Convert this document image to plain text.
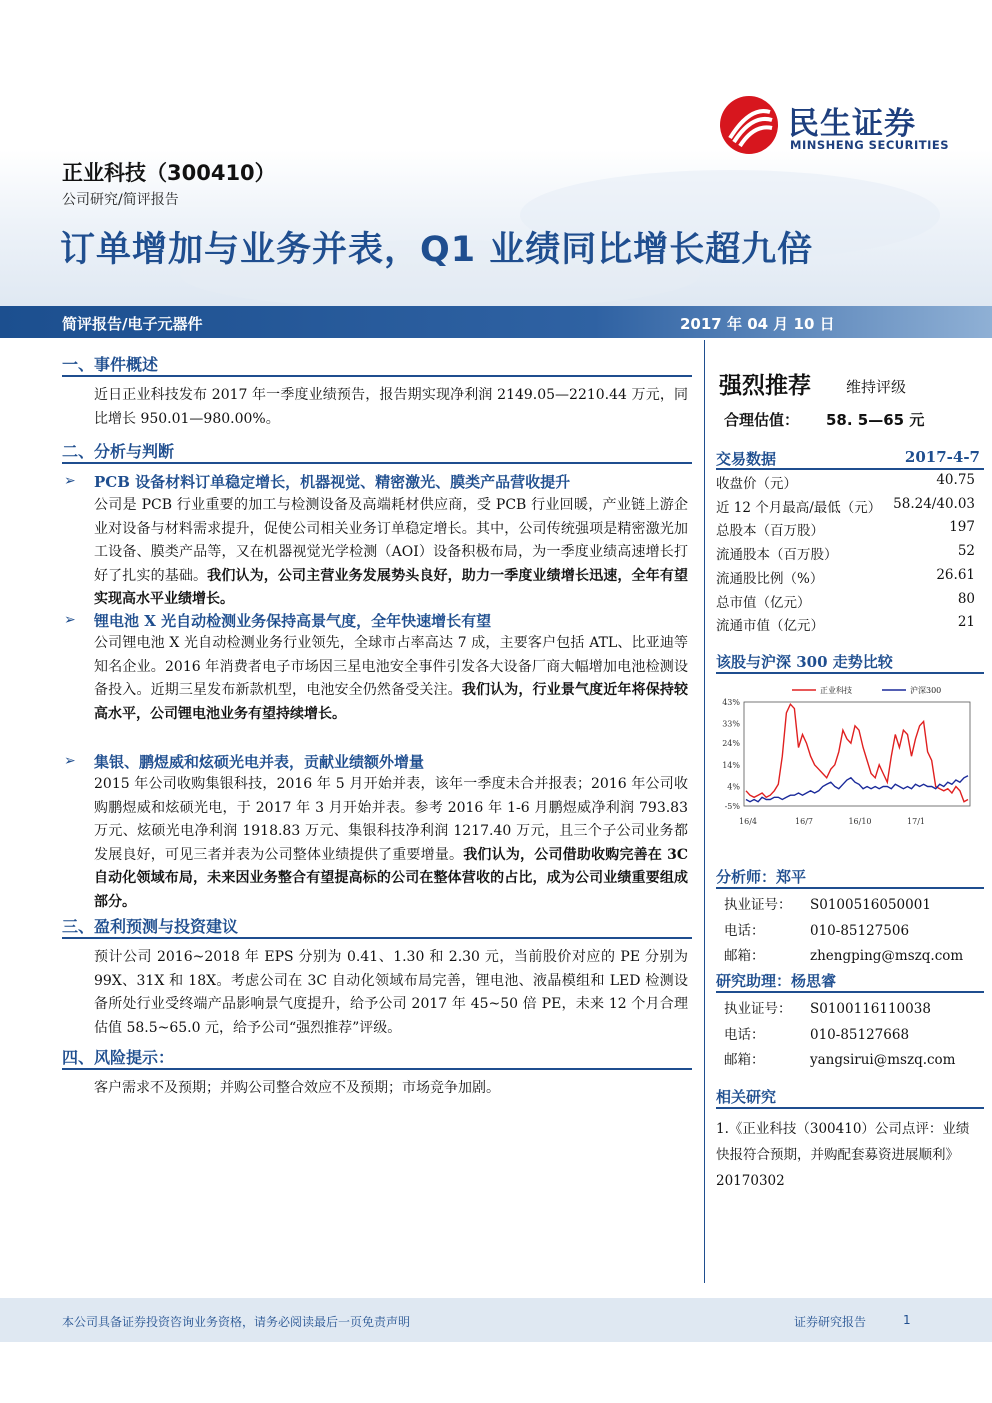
民生证券
MINSHENG SECURITIES
正业科技（300410）
公司研究/简评报告
订单增加与业务并表，Q1 业绩同比增长超九倍
简评报告/电子元器件	2017 年 04 月 10 日
一、事件概述
近日正业科技发布 2017 年一季度业绩预告，报告期实现净利润 2149.05—2210.44 万元，同比增长 950.01—980.00%。
二、分析与判断
➢ PCB 设备材料订单稳定增长，机器视觉、精密激光、膜类产品营收提升
公司是 PCB 行业重要的加工与检测设备及高端耗材供应商，受 PCB 行业回暖，产业链上游企业对设备与材料需求提升，促使公司相关业务订单稳定增长。其中，公司传统强项是精密激光加工设备、膜类产品等，又在机器视觉光学检测（AOI）设备积极布局，为一季度业绩高速增长打好了扎实的基础。我们认为，公司主营业务发展势头良好，助力一季度业绩增长迅速，全年有望实现高水平业绩增长。
➢ 锂电池 X 光自动检测业务保持高景气度，全年快速增长有望
公司锂电池 X 光自动检测业务行业领先，全球市占率高达 7 成，主要客户包括 ATL、比亚迪等知名企业。2016 年消费者电子市场因三星电池安全事件引发各大设备厂商大幅增加电池检测设备投入。近期三星发布新款机型，电池安全仍然备受关注。我们认为，行业景气度近年将保持较高水平，公司锂电池业务有望持续增长。
➢ 集银、鹏煜威和炫硕光电并表，贡献业绩额外增量
2015 年公司收购集银科技，2016 年 5 月开始并表，该年一季度未合并报表；2016 年公司收购鹏煜威和炫硕光电，于 2017 年 3 月开始并表。参考 2016 年 1-6 月鹏煜威净利润 793.83 万元、炫硕光电净利润 1918.83 万元、集银科技净利润 1217.40 万元，且三个子公司业务都发展良好，可见三者并表为公司整体业绩提供了重要增量。我们认为，公司借助收购完善在 3C 自动化领域布局，未来因业务整合有望提高标的公司在整体营收的占比，成为公司业绩重要组成部分。
三、盈利预测与投资建议
预计公司 2016~2018 年 EPS 分别为 0.41、1.30 和 2.30 元，当前股价对应的 PE 分别为 99X、31X 和 18X。考虑公司在 3C 自动化领域布局完善，锂电池、液晶模组和 LED 检测设备所处行业受终端产品影响景气度提升，给予公司 2017 年 45~50 倍 PE，未来 12 个月合理估值 58.5~65.0 元，给予公司“强烈推荐”评级。
四、风险提示：
客户需求不及预期；并购公司整合效应不及预期；市场竞争加剧。
强烈推荐 维持评级
合理估值： 58. 5—65 元
交易数据	2017-4-7
收盘价（元）	40.75
近 12 个月最高/最低（元） 58.24/40.03
总股本（百万股）	197
流通股本（百万股）	52
流通股比例（%）	26.61
总市值（亿元）	80
流通市值（亿元）	21
该股与沪深 300 走势比较
43%
33%
24%
14%
4%
-5%
16/4	16/7	16/10	17/1
正业科技	沪深300
分析师：郑平
执业证号： S0100516050001
电话：	010-85127506
邮箱：	zhengping@mszq.com
研究助理：杨思睿
执业证号： S0100116110038
电话：	010-85127668
邮箱：	yangsirui@mszq.com
相关研究
1.《正业科技（300410）公司点评：业绩快报符合预期，并购配套募资进展顺利》20170302
本公司具备证券投资咨询业务资格，请务必阅读最后一页免责声明	证券研究报告	1
